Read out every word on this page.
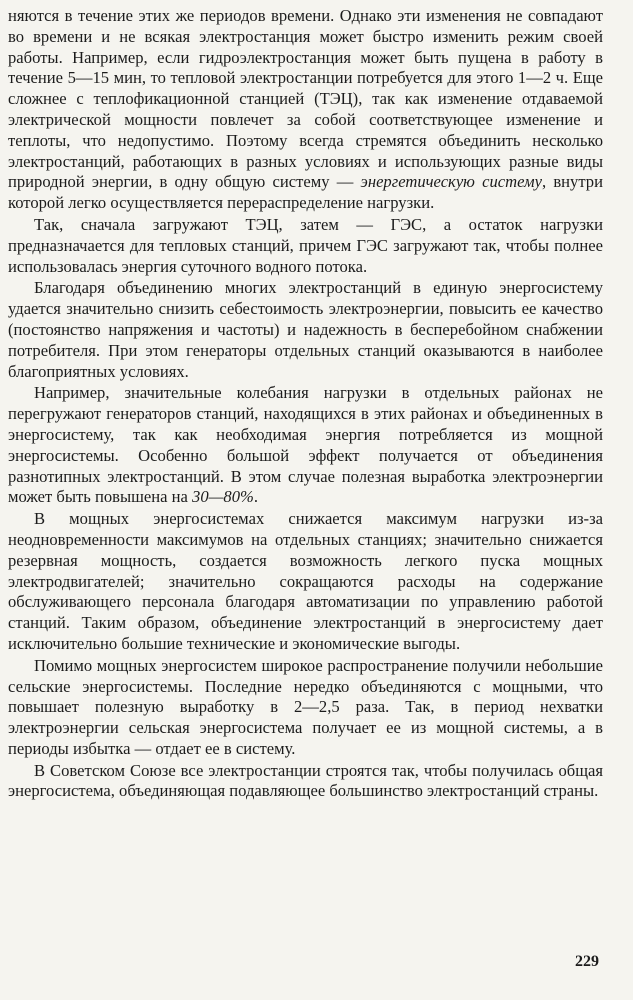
няются в течение этих же периодов времени. Однако эти изменения не совпадают во времени и не всякая электростанция может быстро изменить режим своей работы. Например, если гидроэлектростанция может быть пущена в работу в течение 5—15 мин, то тепловой электростанции потребуется для этого 1—2 ч. Еще сложнее с теплофикационной станцией (ТЭЦ), так как изменение отдаваемой электрической мощности повлечет за собой соответствующее изменение и теплоты, что недопустимо. Поэтому всегда стремятся объединить несколько электростанций, работающих в разных условиях и использующих разные виды природной энергии, в одну общую систему — энергетическую систему, внутри которой легко осуществляется перераспределение нагрузки.

Так, сначала загружают ТЭЦ, затем — ГЭС, а остаток нагрузки предназначается для тепловых станций, причем ГЭС загружают так, чтобы полнее использовалась энергия суточного водного потока.

Благодаря объединению многих электростанций в единую энергосистему удается значительно снизить себестоимость электроэнергии, повысить ее качество (постоянство напряжения и частоты) и надежность в бесперебойном снабжении потребителя. При этом генераторы отдельных станций оказываются в наиболее благоприятных условиях.

Например, значительные колебания нагрузки в отдельных районах не перегружают генераторов станций, находящихся в этих районах и объединенных в энергосистему, так как необходимая энергия потребляется из мощной энергосистемы. Особенно большой эффект получается от объединения разнотипных электростанций. В этом случае полезная выработка электроэнергии может быть повышена на 30—80%.

В мощных энергосистемах снижается максимум нагрузки из-за неодновременности максимумов на отдельных станциях; значительно снижается резервная мощность, создается возможность легкого пуска мощных электродвигателей; значительно сокращаются расходы на содержание обслуживающего персонала благодаря автоматизации по управлению работой станций. Таким образом, объединение электростанций в энергосистему дает исключительно большие технические и экономические выгоды.

Помимо мощных энергосистем широкое распространение получили небольшие сельские энергосистемы. Последние нередко объединяются с мощными, что повышает полезную выработку в 2—2,5 раза. Так, в период нехватки электроэнергии сельская энергосистема получает ее из мощной системы, а в периоды избытка — отдает ее в систему.

В Советском Союзе все электростанции строятся так, чтобы получилась общая энергосистема, объединяющая подавляющее большинство электростанций страны.

229
